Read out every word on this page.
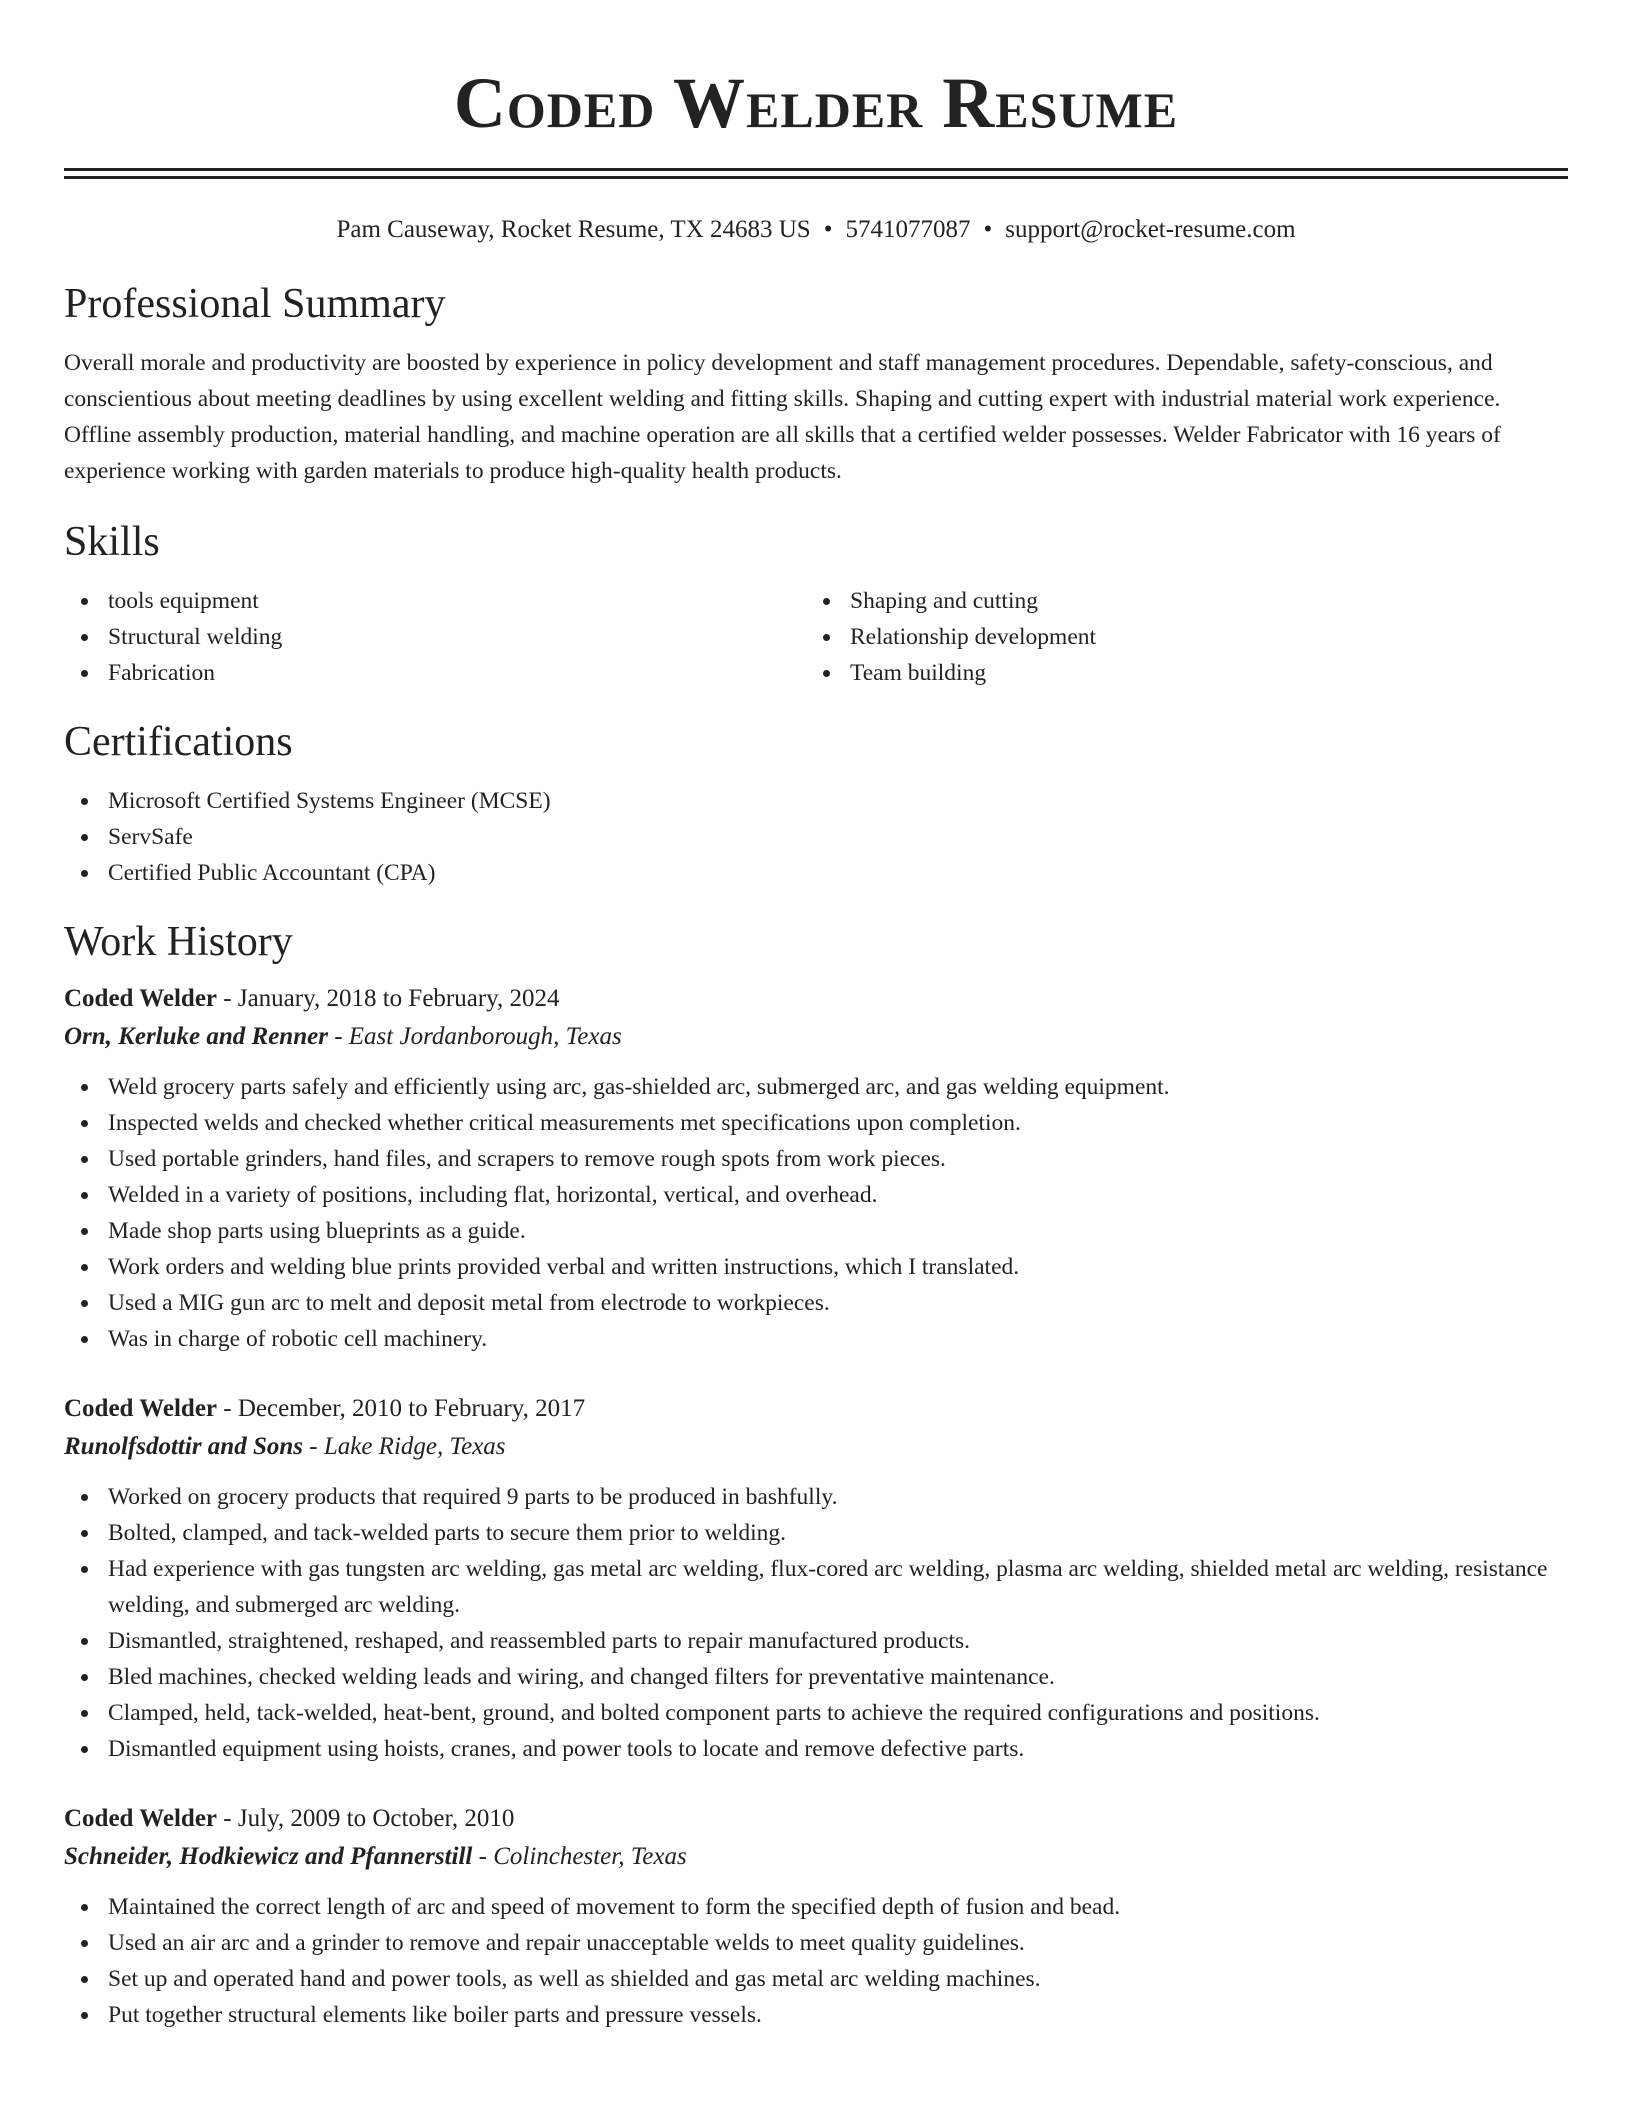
Coded Welder Resume
Pam Causeway, Rocket Resume, TX 24683 US • 5741077087 • support@rocket-resume.com
Professional Summary

Overall morale and productivity are boosted by experience in policy development and staff management procedures. Dependable, safety-conscious, and conscientious about meeting deadlines by using excellent welding and fitting skills. Shaping and cutting expert with industrial material work experience. Offline assembly production, material handling, and machine operation are all skills that a certified welder possesses. Welder Fabricator with 16 years of experience working with garden materials to produce high-quality health products.

Skills
tools equipment
Structural welding
Fabrication
Shaping and cutting
Relationship development
Team building
Certifications
Microsoft Certified Systems Engineer (MCSE)
ServSafe
Certified Public Accountant (CPA)
Work History
Coded Welder - January, 2018 to February, 2024
Orn, Kerluke and Renner - East Jordanborough, Texas
Weld grocery parts safely and efficiently using arc, gas-shielded arc, submerged arc, and gas welding equipment.
Inspected welds and checked whether critical measurements met specifications upon completion.
Used portable grinders, hand files, and scrapers to remove rough spots from work pieces.
Welded in a variety of positions, including flat, horizontal, vertical, and overhead.
Made shop parts using blueprints as a guide.
Work orders and welding blue prints provided verbal and written instructions, which I translated.
Used a MIG gun arc to melt and deposit metal from electrode to workpieces.
Was in charge of robotic cell machinery.
Coded Welder - December, 2010 to February, 2017
Runolfsdottir and Sons - Lake Ridge, Texas
Worked on grocery products that required 9 parts to be produced in bashfully.
Bolted, clamped, and tack-welded parts to secure them prior to welding.
Had experience with gas tungsten arc welding, gas metal arc welding, flux-cored arc welding, plasma arc welding, shielded metal arc welding, resistance welding, and submerged arc welding.
Dismantled, straightened, reshaped, and reassembled parts to repair manufactured products.
Bled machines, checked welding leads and wiring, and changed filters for preventative maintenance.
Clamped, held, tack-welded, heat-bent, ground, and bolted component parts to achieve the required configurations and positions.
Dismantled equipment using hoists, cranes, and power tools to locate and remove defective parts.
Coded Welder - July, 2009 to October, 2010
Schneider, Hodkiewicz and Pfannerstill - Colinchester, Texas
Maintained the correct length of arc and speed of movement to form the specified depth of fusion and bead.
Used an air arc and a grinder to remove and repair unacceptable welds to meet quality guidelines.
Set up and operated hand and power tools, as well as shielded and gas metal arc welding machines.
Put together structural elements like boiler parts and pressure vessels.
